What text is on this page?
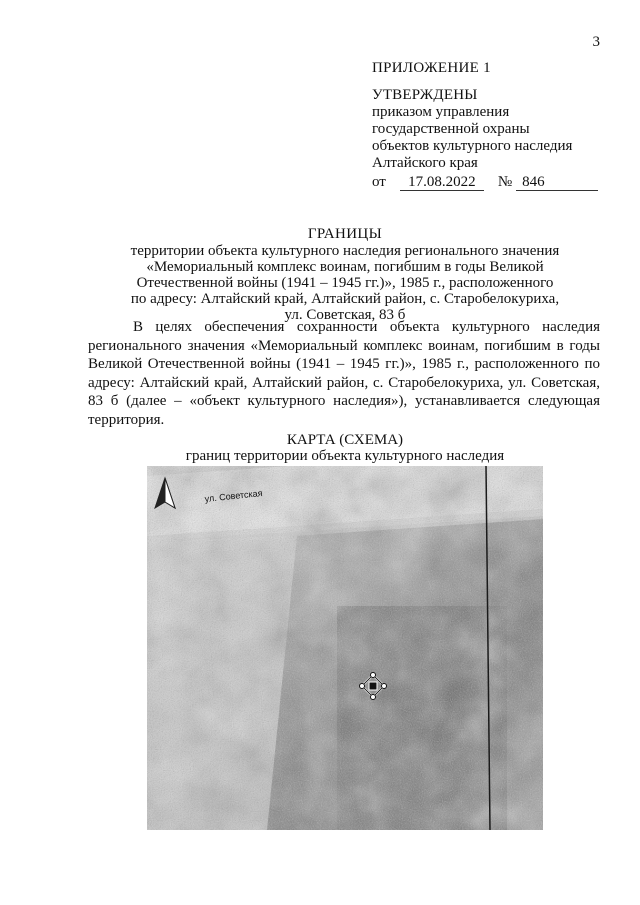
3
ПРИЛОЖЕНИЕ 1
УТВЕРЖДЕНЫ
приказом управления
государственной охраны
объектов культурного наследия
Алтайского края
от	17.08.2022	№ 846
ГРАНИЦЫ
территории объекта культурного наследия регионального значения
«Мемориальный комплекс воинам, погибшим в годы Великой
Отечественной войны (1941 – 1945 гг.)», 1985 г., расположенного
по адресу: Алтайский край, Алтайский район, с. Старобелокуриха,
ул. Советская, 83 б
В целях обеспечения сохранности объекта культурного наследия регионального значения «Мемориальный комплекс воинам, погибшим в годы Великой Отечественной войны (1941 – 1945 гг.)», 1985 г., расположенного по адресу: Алтайский край, Алтайский район, с. Старобелокуриха, ул. Советская, 83 б (далее – «объект культурного наследия»), устанавливается следующая территория.
КАРТА (СХЕМА)
границ территории объекта культурного наследия
ул. Советская
